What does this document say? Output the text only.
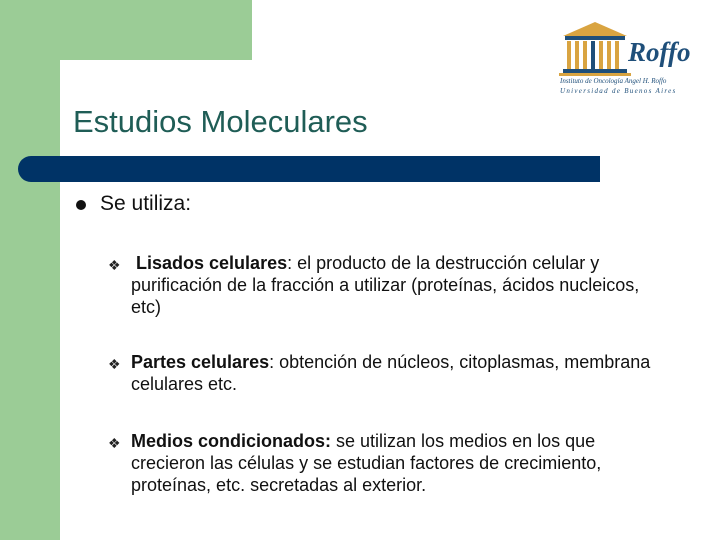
Roffo
Instituto de Oncología Angel H. Roffo
Universidad de Buenos Aires
Estudios Moleculares
Se utiliza:
❖ Lisados celulares: el producto de la destrucción celular y purificación de la fracción a utilizar (proteínas, ácidos nucleicos, etc)
❖ Partes celulares: obtención de núcleos, citoplasmas, membrana celulares etc.
❖ Medios condicionados: se utilizan los medios en los que crecieron las células y se estudian factores de crecimiento, proteínas, etc. secretadas al exterior.
